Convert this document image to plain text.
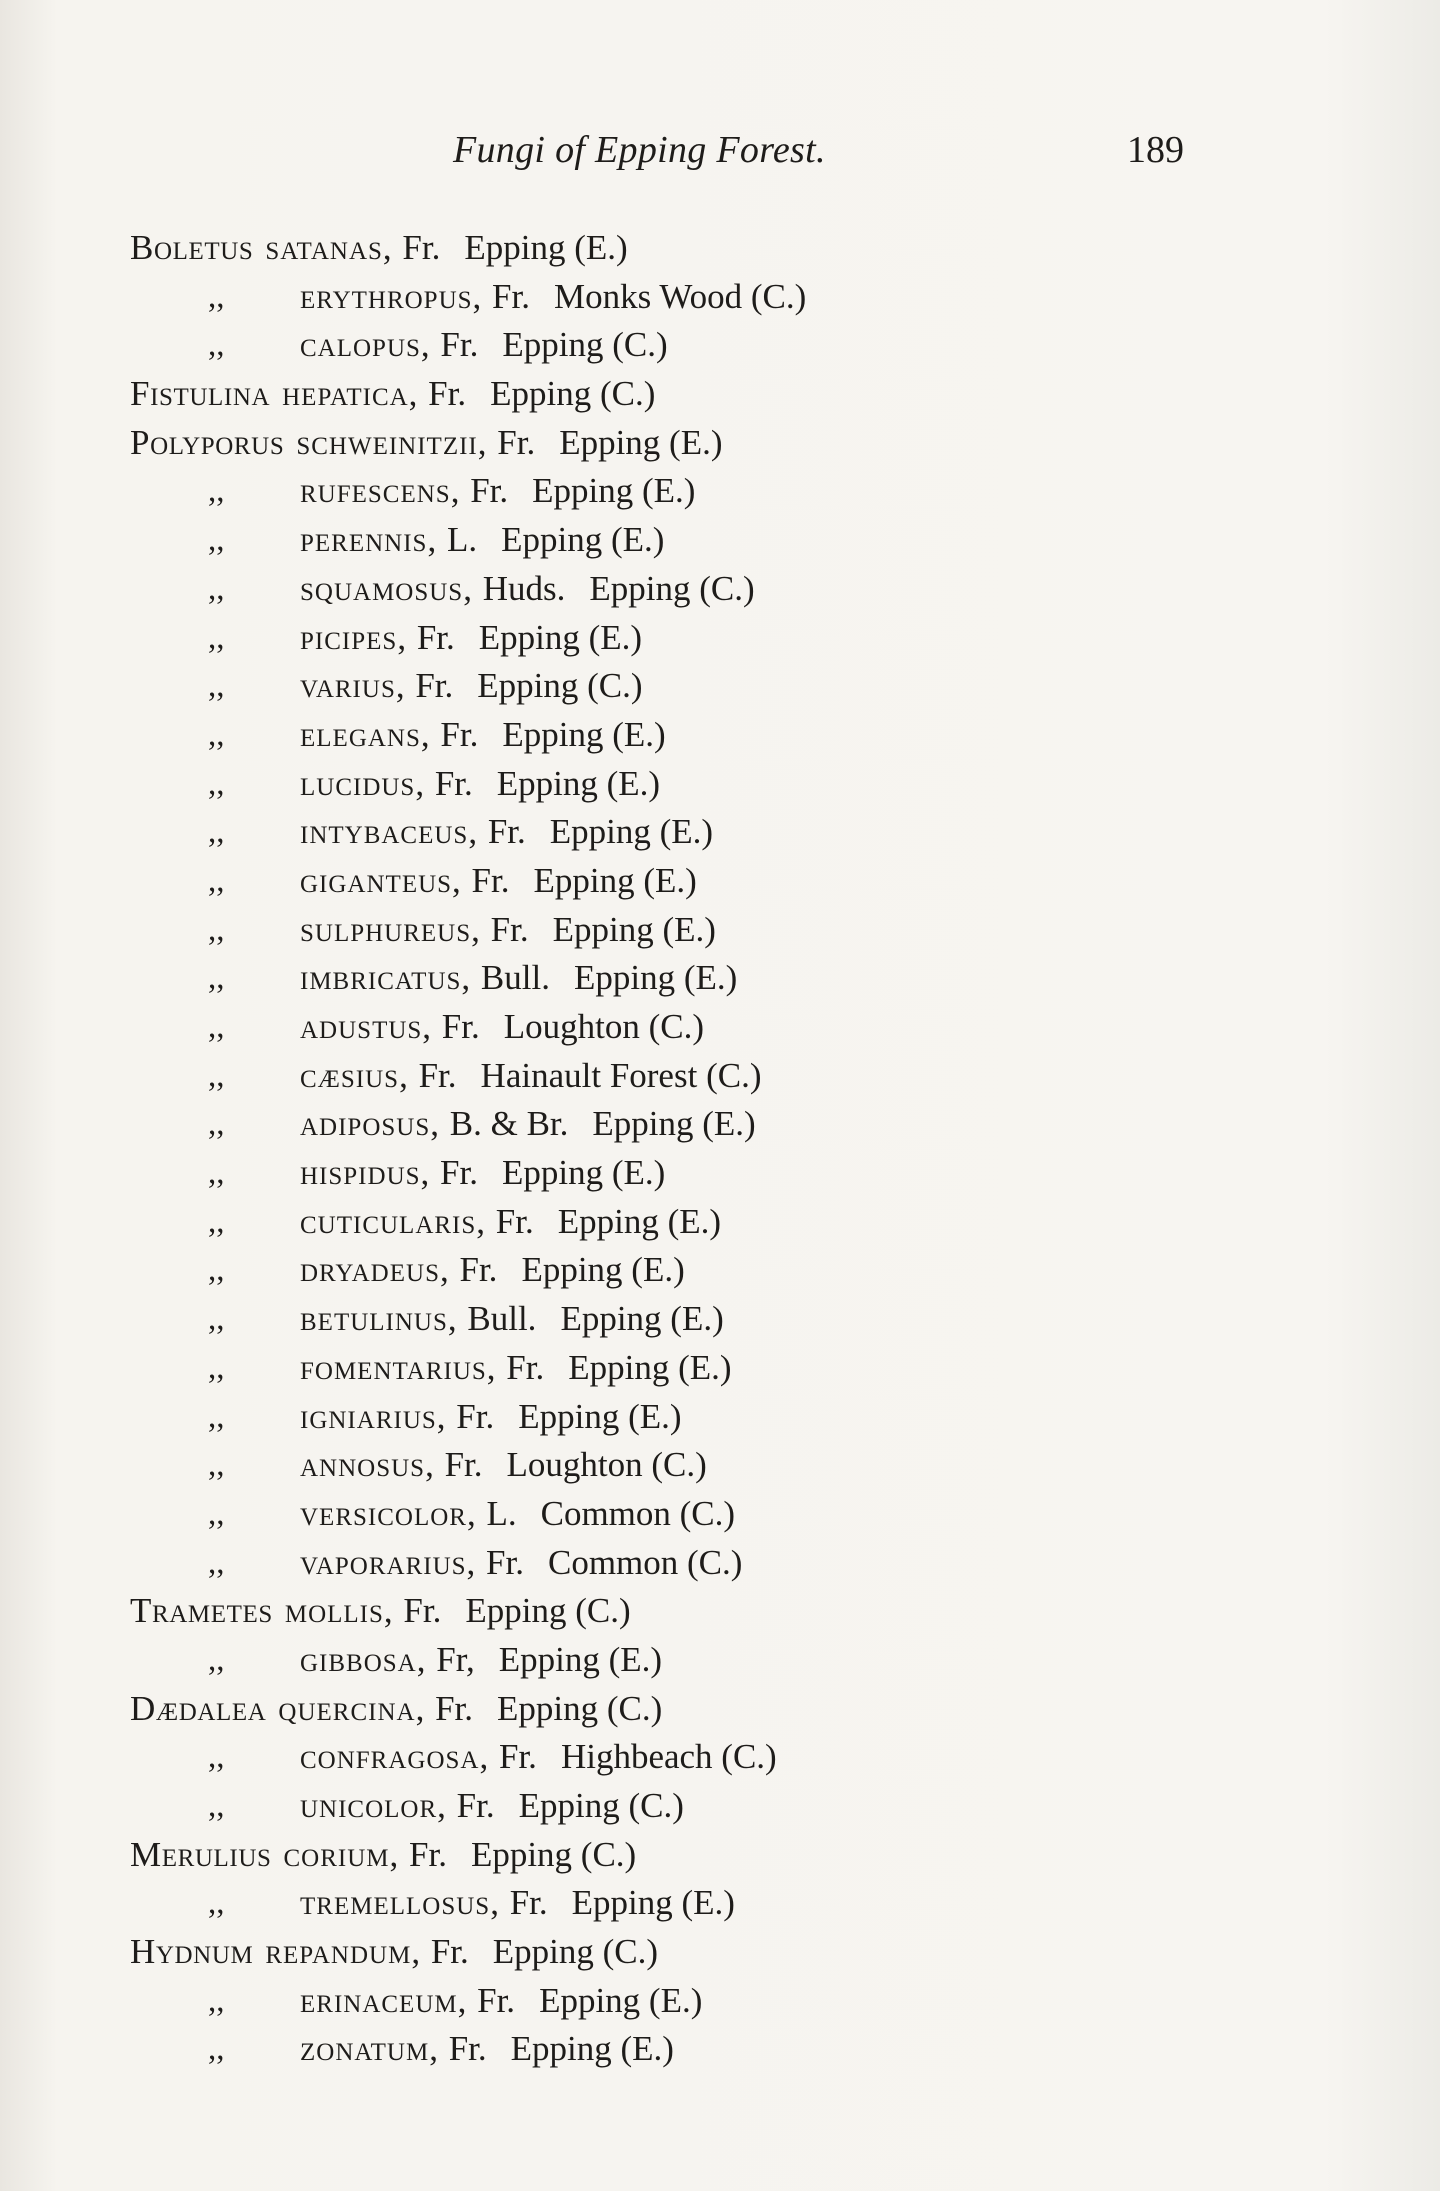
Fungi of Epping Forest.	189
Boletus satanas, Fr. Epping (E.)
,, erythropus, Fr. Monks Wood (C.)
,, calopus, Fr. Epping (C.)
Fistulina hepatica, Fr. Epping (C.)
Polyporus schweinitzii, Fr. Epping (E.)
,, rufescens, Fr. Epping (E.)
,, perennis, L. Epping (E.)
,, squamosus, Huds. Epping (C.)
,, picipes, Fr. Epping (E.)
,, varius, Fr. Epping (C.)
,, elegans, Fr. Epping (E.)
,, lucidus, Fr. Epping (E.)
,, intybaceus, Fr. Epping (E.)
,, giganteus, Fr. Epping (E.)
,, sulphureus, Fr. Epping (E.)
,, imbricatus, Bull. Epping (E.)
,, adustus, Fr. Loughton (C.)
,, cæsius, Fr. Hainault Forest (C.)
,, adiposus, B. & Br. Epping (E.)
,, hispidus, Fr. Epping (E.)
,, cuticularis, Fr. Epping (E.)
,, dryadeus, Fr. Epping (E.)
,, betulinus, Bull. Epping (E.)
,, fomentarius, Fr. Epping (E.)
,, igniarius, Fr. Epping (E.)
,, annosus, Fr. Loughton (C.)
,, versicolor, L. Common (C.)
,, vaporarius, Fr. Common (C.)
Trametes mollis, Fr. Epping (C.)
,, gibbosa, Fr, Epping (E.)
Dædalea quercina, Fr. Epping (C.)
,, confragosa, Fr. Highbeach (C.)
,, unicolor, Fr. Epping (C.)
Merulius corium, Fr. Epping (C.)
,, tremellosus, Fr. Epping (E.)
Hydnum repandum, Fr. Epping (C.)
,, erinaceum, Fr. Epping (E.)
,, zonatum, Fr. Epping (E.)
